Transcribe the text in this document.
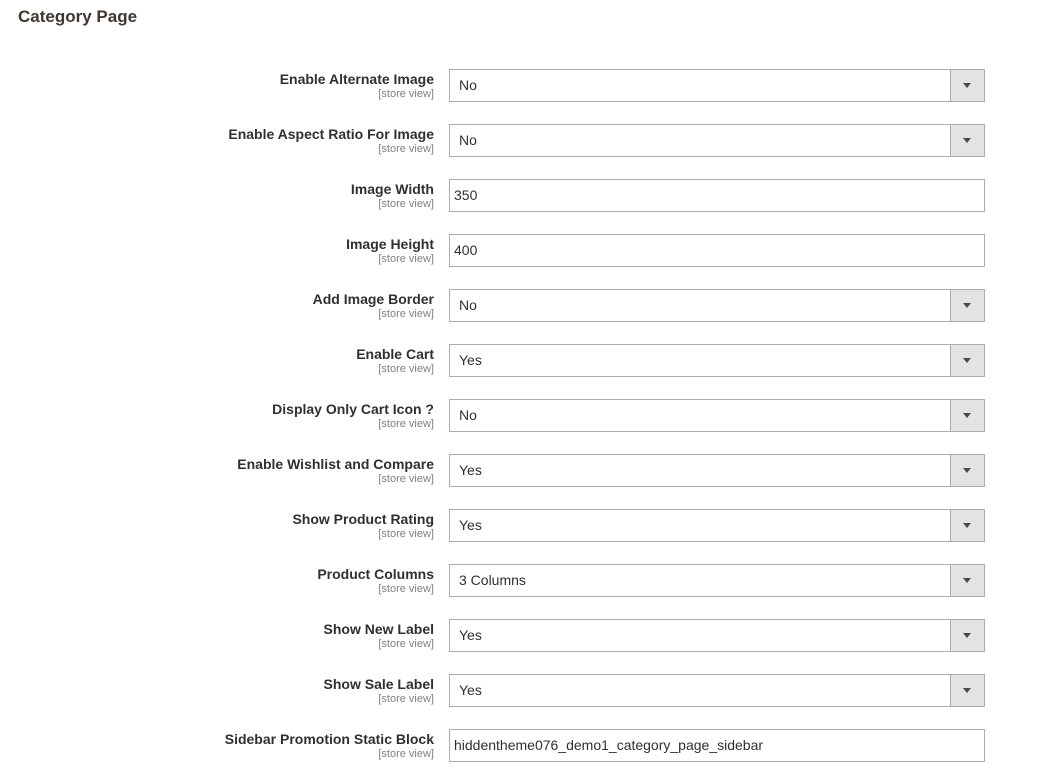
Category Page
Enable Alternate Image
[store view]
No
Enable Aspect Ratio For Image
[store view]
No
Image Width
[store view]
350
Image Height
[store view]
400
Add Image Border
[store view]
No
Enable Cart
[store view]
Yes
Display Only Cart Icon ?
[store view]
No
Enable Wishlist and Compare
[store view]
Yes
Show Product Rating
[store view]
Yes
Product Columns
[store view]
3 Columns
Show New Label
[store view]
Yes
Show Sale Label
[store view]
Yes
Sidebar Promotion Static Block
[store view]
hiddentheme076_demo1_category_page_sidebar
